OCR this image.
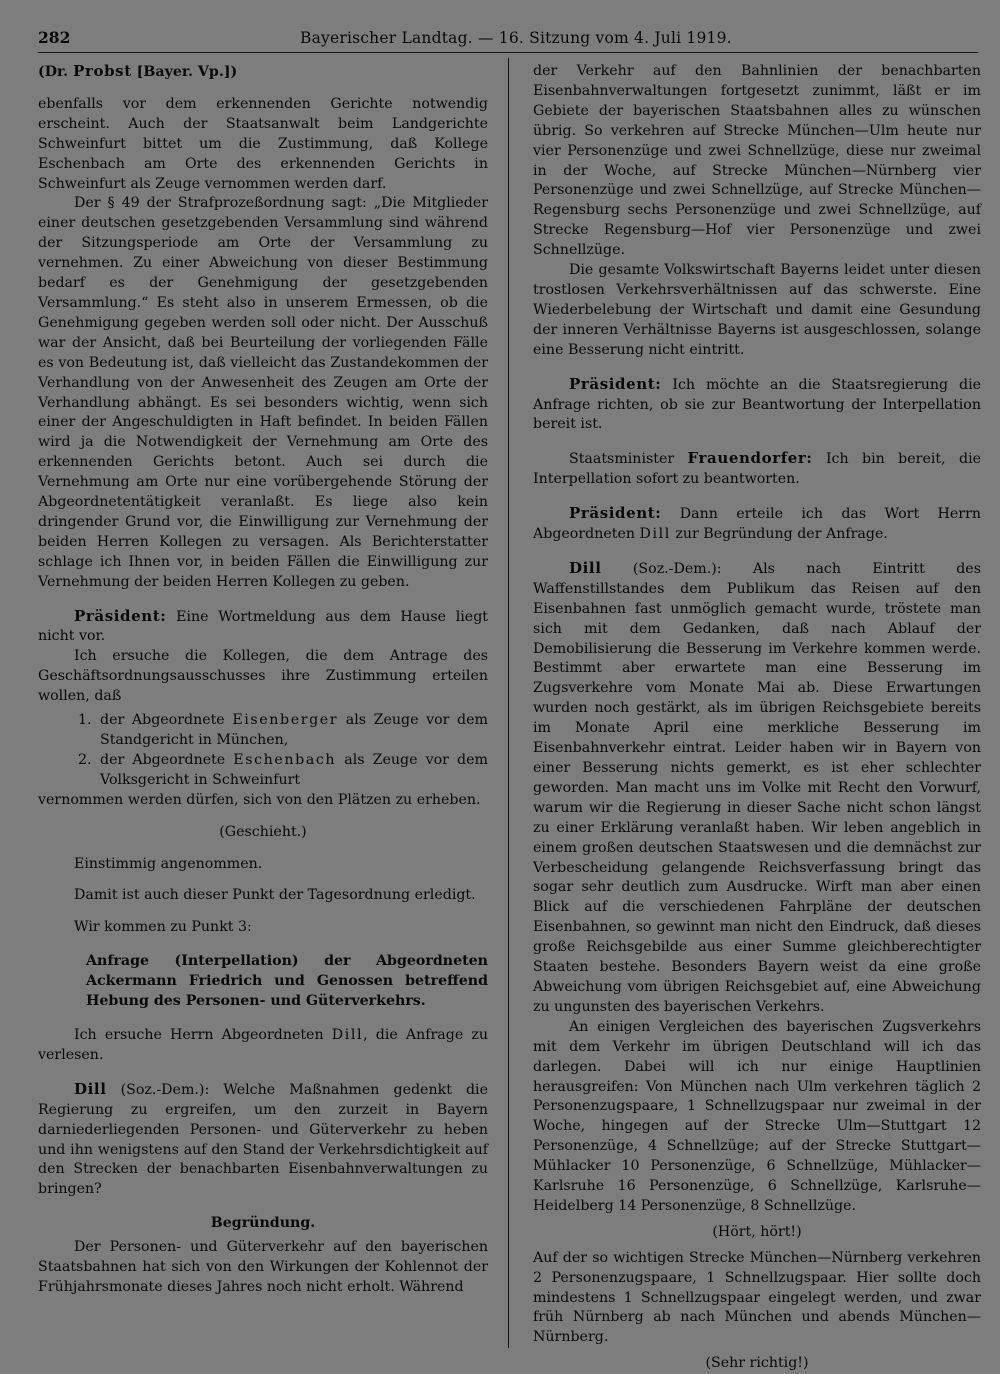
282	Bayerischer Landtag. — 16. Sitzung vom 4. Juli 1919.

(Dr. Probst [Bayer. Vp.])

ebenfalls vor dem erkennenden Gerichte notwendig erscheint. Auch der Staatsanwalt beim Landgerichte Schweinfurt bittet um die Zustimmung, daß Kollege Eschenbach am Orte des erkennenden Gerichts in Schweinfurt als Zeuge vernommen werden darf.

Der § 49 der Strafprozeßordnung sagt: „Die Mitglieder einer deutschen gesetzgebenden Versammlung sind während der Sitzungsperiode am Orte der Versammlung zu vernehmen. Zu einer Abweichung von dieser Bestimmung bedarf es der Genehmigung der gesetzgebenden Versammlung.“ Es steht also in unserem Ermessen, ob die Genehmigung gegeben werden soll oder nicht. Der Ausschuß war der Ansicht, daß bei Beurteilung der vorliegenden Fälle es von Bedeutung ist, daß vielleicht das Zustandekommen der Verhandlung von der Anwesenheit des Zeugen am Orte der Verhandlung abhängt. Es sei besonders wichtig, wenn sich einer der Angeschuldigten in Haft befindet. In beiden Fällen wird ja die Notwendigkeit der Vernehmung am Orte des erkennenden Gerichts betont. Auch sei durch die Vernehmung am Orte nur eine vorübergehende Störung der Abgeordnetentätigkeit veranlaßt. Es liege also kein dringender Grund vor, die Einwilligung zur Vernehmung der beiden Herren Kollegen zu versagen. Als Berichterstatter schlage ich Ihnen vor, in beiden Fällen die Einwilligung zur Vernehmung der beiden Herren Kollegen zu geben.

Präsident: Eine Wortmeldung aus dem Hause liegt nicht vor.

Ich ersuche die Kollegen, die dem Antrage des Geschäftsordnungsausschusses ihre Zustimmung erteilen wollen, daß

1. der Abgeordnete Eisenberger als Zeuge vor dem Standgericht in München,
2. der Abgeordnete Eschenbach als Zeuge vor dem Volksgericht in Schweinfurt

vernommen werden dürfen, sich von den Plätzen zu erheben.

(Geschieht.)

Einstimmig angenommen.

Damit ist auch dieser Punkt der Tagesordnung erledigt.

Wir kommen zu Punkt 3:

Anfrage (Interpellation) der Abgeordneten Ackermann Friedrich und Genossen betreffend Hebung des Personen- und Güterverkehrs.

Ich ersuche Herrn Abgeordneten Dill, die Anfrage zu verlesen.

Dill (Soz.-Dem.): Welche Maßnahmen gedenkt die Regierung zu ergreifen, um den zurzeit in Bayern darniederliegenden Personen- und Güterverkehr zu heben und ihn wenigstens auf den Stand der Verkehrsdichtigkeit auf den Strecken der benachbarten Eisenbahnverwaltungen zu bringen?

Begründung.

Der Personen- und Güterverkehr auf den bayerischen Staatsbahnen hat sich von den Wirkungen der Kohlennot der Frühjahrsmonate dieses Jahres noch nicht erholt. Während

der Verkehr auf den Bahnlinien der benachbarten Eisenbahnverwaltungen fortgesetzt zunimmt, läßt er im Gebiete der bayerischen Staatsbahnen alles zu wünschen übrig. So verkehren auf Strecke München—Ulm heute nur vier Personenzüge und zwei Schnellzüge, diese nur zweimal in der Woche, auf Strecke München—Nürnberg vier Personenzüge und zwei Schnellzüge, auf Strecke München—Regensburg sechs Personenzüge und zwei Schnellzüge, auf Strecke Regensburg—Hof vier Personenzüge und zwei Schnellzüge.

Die gesamte Volkswirtschaft Bayerns leidet unter diesen trostlosen Verkehrsverhältnissen auf das schwerste. Eine Wiederbelebung der Wirtschaft und damit eine Gesundung der inneren Verhältnisse Bayerns ist ausgeschlossen, solange eine Besserung nicht eintritt.

Präsident: Ich möchte an die Staatsregierung die Anfrage richten, ob sie zur Beantwortung der Interpellation bereit ist.

Staatsminister Frauendorfer: Ich bin bereit, die Interpellation sofort zu beantworten.

Präsident: Dann erteile ich das Wort Herrn Abgeordneten Dill zur Begründung der Anfrage.

Dill (Soz.-Dem.): Als nach Eintritt des Waffenstillstandes dem Publikum das Reisen auf den Eisenbahnen fast unmöglich gemacht wurde, tröstete man sich mit dem Gedanken, daß nach Ablauf der Demobilisierung die Besserung im Verkehre kommen werde. Bestimmt aber erwartete man eine Besserung im Zugsverkehre vom Monate Mai ab. Diese Erwartungen wurden noch gestärkt, als im übrigen Reichsgebiete bereits im Monate April eine merkliche Besserung im Eisenbahnverkehr eintrat. Leider haben wir in Bayern von einer Besserung nichts gemerkt, es ist eher schlechter geworden. Man macht uns im Volke mit Recht den Vorwurf, warum wir die Regierung in dieser Sache nicht schon längst zu einer Erklärung veranlaßt haben. Wir leben angeblich in einem großen deutschen Staatswesen und die demnächst zur Verbescheidung gelangende Reichsverfassung bringt das sogar sehr deutlich zum Ausdrucke. Wirft man aber einen Blick auf die verschiedenen Fahrpläne der deutschen Eisenbahnen, so gewinnt man nicht den Eindruck, daß dieses große Reichsgebilde aus einer Summe gleichberechtigter Staaten bestehe. Besonders Bayern weist da eine große Abweichung vom übrigen Reichsgebiet auf, eine Abweichung zu ungunsten des bayerischen Verkehrs.

An einigen Vergleichen des bayerischen Zugsverkehrs mit dem Verkehr im übrigen Deutschland will ich das darlegen. Dabei will ich nur einige Hauptlinien herausgreifen: Von München nach Ulm verkehren täglich 2 Personenzugspaare, 1 Schnellzugspaar nur zweimal in der Woche, hingegen auf der Strecke Ulm—Stuttgart 12 Personenzüge, 4 Schnellzüge; auf der Strecke Stuttgart—Mühlacker 10 Personenzüge, 6 Schnellzüge, Mühlacker—Karlsruhe 16 Personenzüge, 6 Schnellzüge, Karlsruhe—Heidelberg 14 Personenzüge, 8 Schnellzüge.

(Hört, hört!)

Auf der so wichtigen Strecke München—Nürnberg verkehren 2 Personenzugspaare, 1 Schnellzugspaar. Hier sollte doch mindestens 1 Schnellzugspaar eingelegt werden, und zwar früh Nürnberg ab nach München und abends München—Nürnberg.

(Sehr richtig!)
